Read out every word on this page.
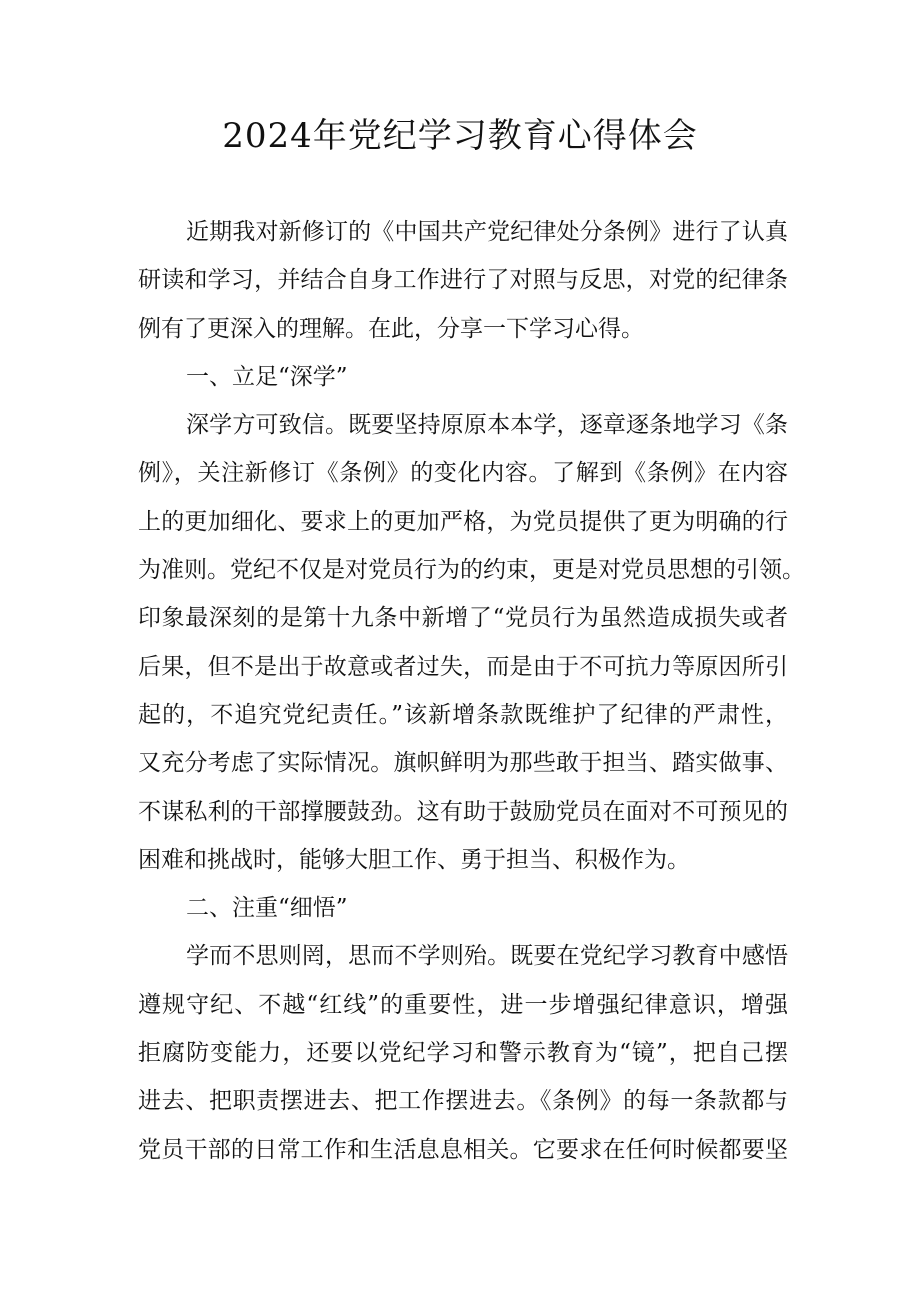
2024年党纪学习教育心得体会
近期我对新修订的《中国共产党纪律处分条例》进行了认真
研读和学习，并结合自身工作进行了对照与反思，对党的纪律条
例有了更深入的理解。在此，分享一下学习心得。
一、立足“深学”
深学方可致信。既要坚持原原本本学，逐章逐条地学习《条
例》，关注新修订《条例》的变化内容。了解到《条例》在内容
上的更加细化、要求上的更加严格，为党员提供了更为明确的行
为准则。党纪不仅是对党员行为的约束，更是对党员思想的引领。
印象最深刻的是第十九条中新增了“党员行为虽然造成损失或者
后果，但不是出于故意或者过失，而是由于不可抗力等原因所引
起的，不追究党纪责任。”该新增条款既维护了纪律的严肃性，
又充分考虑了实际情况。旗帜鲜明为那些敢于担当、踏实做事、
不谋私利的干部撑腰鼓劲。这有助于鼓励党员在面对不可预见的
困难和挑战时，能够大胆工作、勇于担当、积极作为。
二、注重“细悟”
学而不思则罔，思而不学则殆。既要在党纪学习教育中感悟
遵规守纪、不越“红线”的重要性，进一步增强纪律意识，增强
拒腐防变能力，还要以党纪学习和警示教育为“镜”，把自己摆
进去、把职责摆进去、把工作摆进去。《条例》的每一条款都与
党员干部的日常工作和生活息息相关。它要求在任何时候都要坚
